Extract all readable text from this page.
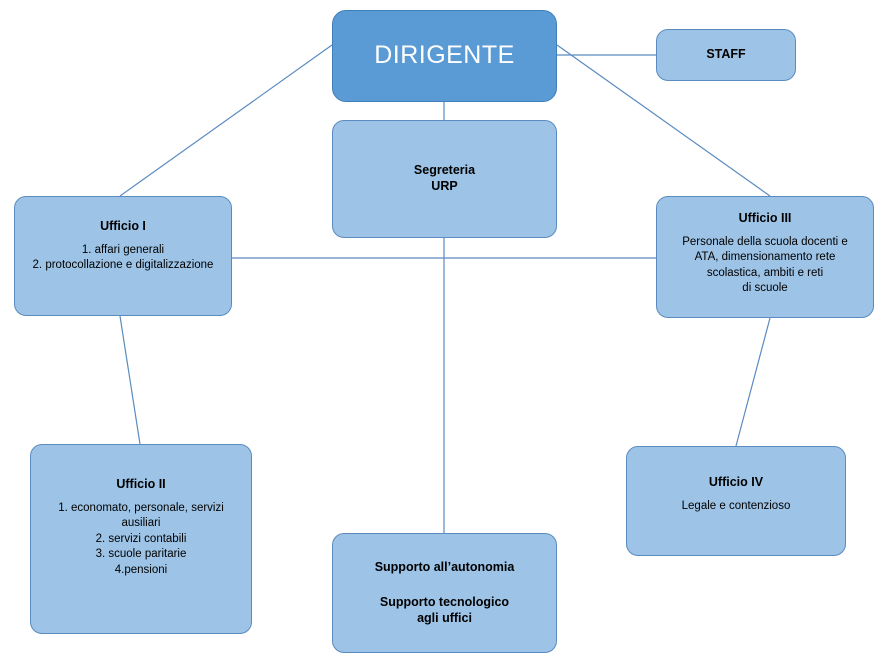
DIRIGENTE	STAFF
Segreteria
URP
Ufficio I
1. affari generali
2. protocollazione e digitalizzazione
Ufficio III
Personale della scuola docenti e
ATA, dimensionamento rete
scolastica, ambiti e reti
di scuole
Ufficio II
1. economato, personale, servizi
ausiliari
2. servizi contabili
3. scuole paritarie
4.pensioni
Ufficio IV
Legale e contenzioso
Supporto all’autonomia
Supporto tecnologico
agli uffici
